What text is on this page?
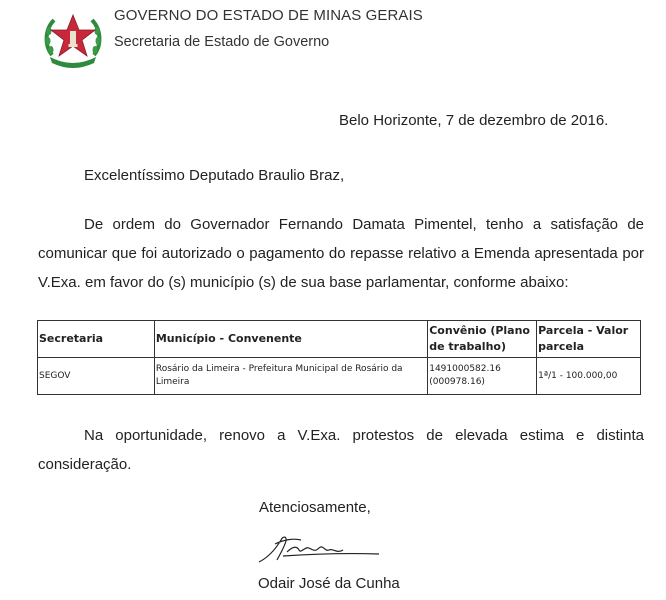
GOVERNO DO ESTADO DE MINAS GERAIS
Secretaria de Estado de Governo
Belo Horizonte, 7 de dezembro de 2016.
Excelentíssimo Deputado Braulio Braz,
De ordem do Governador Fernando Damata Pimentel, tenho a satisfação de comunicar que foi autorizado o pagamento do repasse relativo a Emenda apresentada por V.Exa. em favor do (s) município (s) de sua base parlamentar, conforme abaixo:
Secretaria	Município - Convenente	Convênio (Plano de trabalho)	Parcela - Valor parcela
SEGOV	Rosário da Limeira - Prefeitura Municipal de Rosário da Limeira	1491000582.16 (000978.16)	1ª/1 - 100.000,00
Na oportunidade, renovo a V.Exa. protestos de elevada estima e distinta consideração.
Atenciosamente,
Odair José da Cunha
